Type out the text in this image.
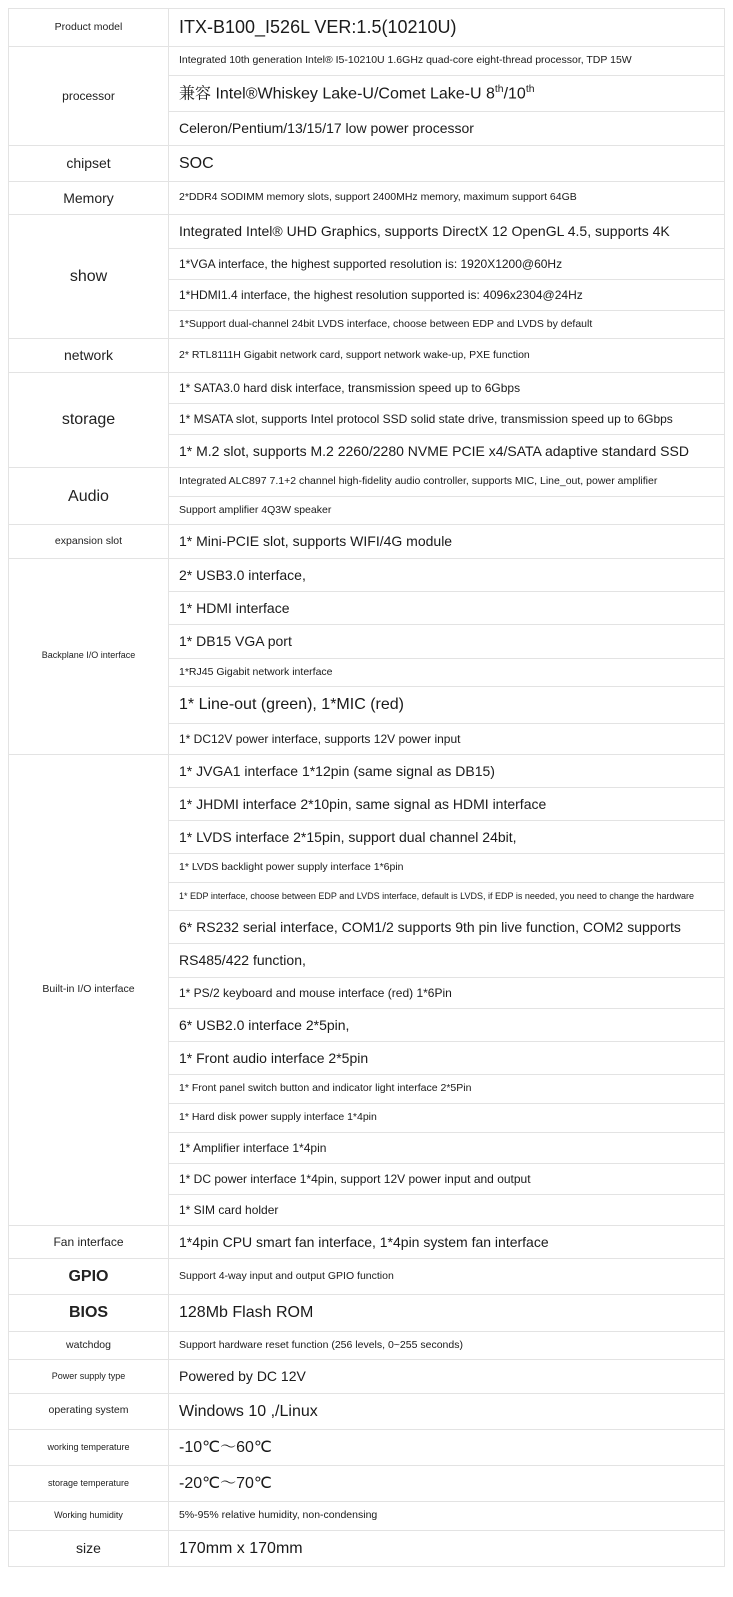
Product model	ITX-B100_I526L VER:1.5(10210U)
processor	Integrated 10th generation Intel® I5-10210U 1.6GHz quad-core eight-thread processor, TDP 15W
	兼容 Intel®Whiskey Lake-U/Comet Lake-U 8th/10th
	Celeron/Pentium/13/15/17 low power processor
chipset	SOC
Memory	2*DDR4 SODIMM memory slots, support 2400MHz memory, maximum support 64GB
show	Integrated Intel® UHD Graphics, supports DirectX 12 OpenGL 4.5, supports 4K
	1*VGA interface, the highest supported resolution is: 1920X1200@60Hz
	1*HDMI1.4 interface, the highest resolution supported is: 4096x2304@24Hz
	1*Support dual-channel 24bit LVDS interface, choose between EDP and LVDS by default
network	2* RTL8111H Gigabit network card, support network wake-up, PXE function
storage	1* SATA3.0 hard disk interface, transmission speed up to 6Gbps
	1* MSATA slot, supports Intel protocol SSD solid state drive, transmission speed up to 6Gbps
	1* M.2 slot, supports M.2 2260/2280 NVME PCIE x4/SATA adaptive standard SSD
Audio	Integrated ALC897 7.1+2 channel high-fidelity audio controller, supports MIC, Line_out, power amplifier
	Support amplifier 4Q3W speaker
expansion slot	1* Mini-PCIE slot, supports WIFI/4G module
Backplane I/O interface	2* USB3.0 interface,
	1* HDMI interface
	1* DB15 VGA port
	1*RJ45 Gigabit network interface
	1* Line-out (green), 1*MIC (red)
	1* DC12V power interface, supports 12V power input
Built-in I/O interface	1* JVGA1 interface 1*12pin (same signal as DB15)
	1* JHDMI interface 2*10pin, same signal as HDMI interface
	1* LVDS interface 2*15pin, support dual channel 24bit,
	1* LVDS backlight power supply interface 1*6pin
	1* EDP interface, choose between EDP and LVDS interface, default is LVDS, if EDP is needed, you need to change the hardware
	6* RS232 serial interface, COM1/2 supports 9th pin live function, COM2 supports
	RS485/422 function,
	1* PS/2 keyboard and mouse interface (red) 1*6Pin
	6* USB2.0 interface 2*5pin,
	1* Front audio interface 2*5pin
	1* Front panel switch button and indicator light interface 2*5Pin
	1* Hard disk power supply interface 1*4pin
	1* Amplifier interface 1*4pin
	1* DC power interface 1*4pin, support 12V power input and output
	1* SIM card holder
Fan interface	1*4pin CPU smart fan interface, 1*4pin system fan interface
GPIO	Support 4-way input and output GPIO function
BIOS	128Mb Flash ROM
watchdog	Support hardware reset function (256 levels, 0~255 seconds)
Power supply type	Powered by DC 12V
operating system	Windows 10 ,/Linux
working temperature	-10℃～60℃
storage temperature	-20℃～70℃
Working humidity	5%-95% relative humidity, non-condensing
size	170mm x 170mm
